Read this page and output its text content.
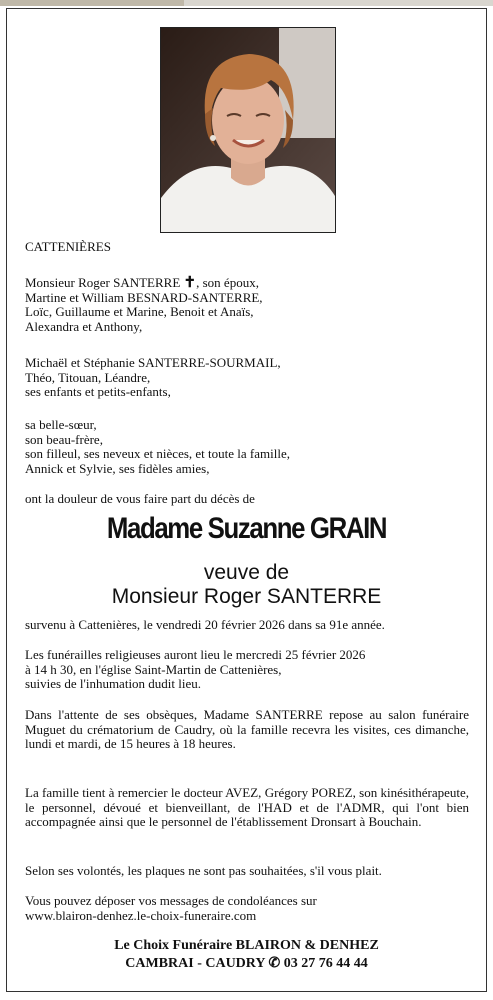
CATTENIÈRES

Monsieur Roger SANTERRE ✝, son époux,
Martine et William BESNARD-SANTERRE,
Loïc, Guillaume et Marine, Benoit et Anaïs,
Alexandra et Anthony,
Michaël et Stéphanie SANTERRE-SOURMAIL,
Théo, Titouan, Léandre,
ses enfants et petits-enfants,
sa belle-sœur,
son beau-frère,
son filleul, ses neveux et nièces, et toute la famille,
Annick et Sylvie, ses fidèles amies,

ont la douleur de vous faire part du décès de

Madame Suzanne GRAIN
veuve de
Monsieur Roger SANTERRE

survenu à Cattenières, le vendredi 20 février 2026 dans sa 91e année.

Les funérailles religieuses auront lieu le mercredi 25 février 2026
à 14 h 30, en l'église Saint-Martin de Cattenières,
suivies de l'inhumation dudit lieu.

Dans l'attente de ses obsèques, Madame SANTERRE repose au salon funéraire Muguet du crématorium de Caudry, où la famille recevra les visites, ces dimanche, lundi et mardi, de 15 heures à 18 heures.

La famille tient à remercier le docteur AVEZ, Grégory POREZ, son kinésithérapeute, le personnel, dévoué et bienveillant, de l'HAD et de l'ADMR, qui l'ont bien accompagnée ainsi que le personnel de l'établissement Dronsart à Bouchain.

Selon ses volontés, les plaques ne sont pas souhaitées, s'il vous plait.

Vous pouvez déposer vos messages de condoléances sur
www.blairon-denhez.le-choix-funeraire.com
Le Choix Funéraire BLAIRON & DENHEZ
CAMBRAI - CAUDRY ✆ 03 27 76 44 44
